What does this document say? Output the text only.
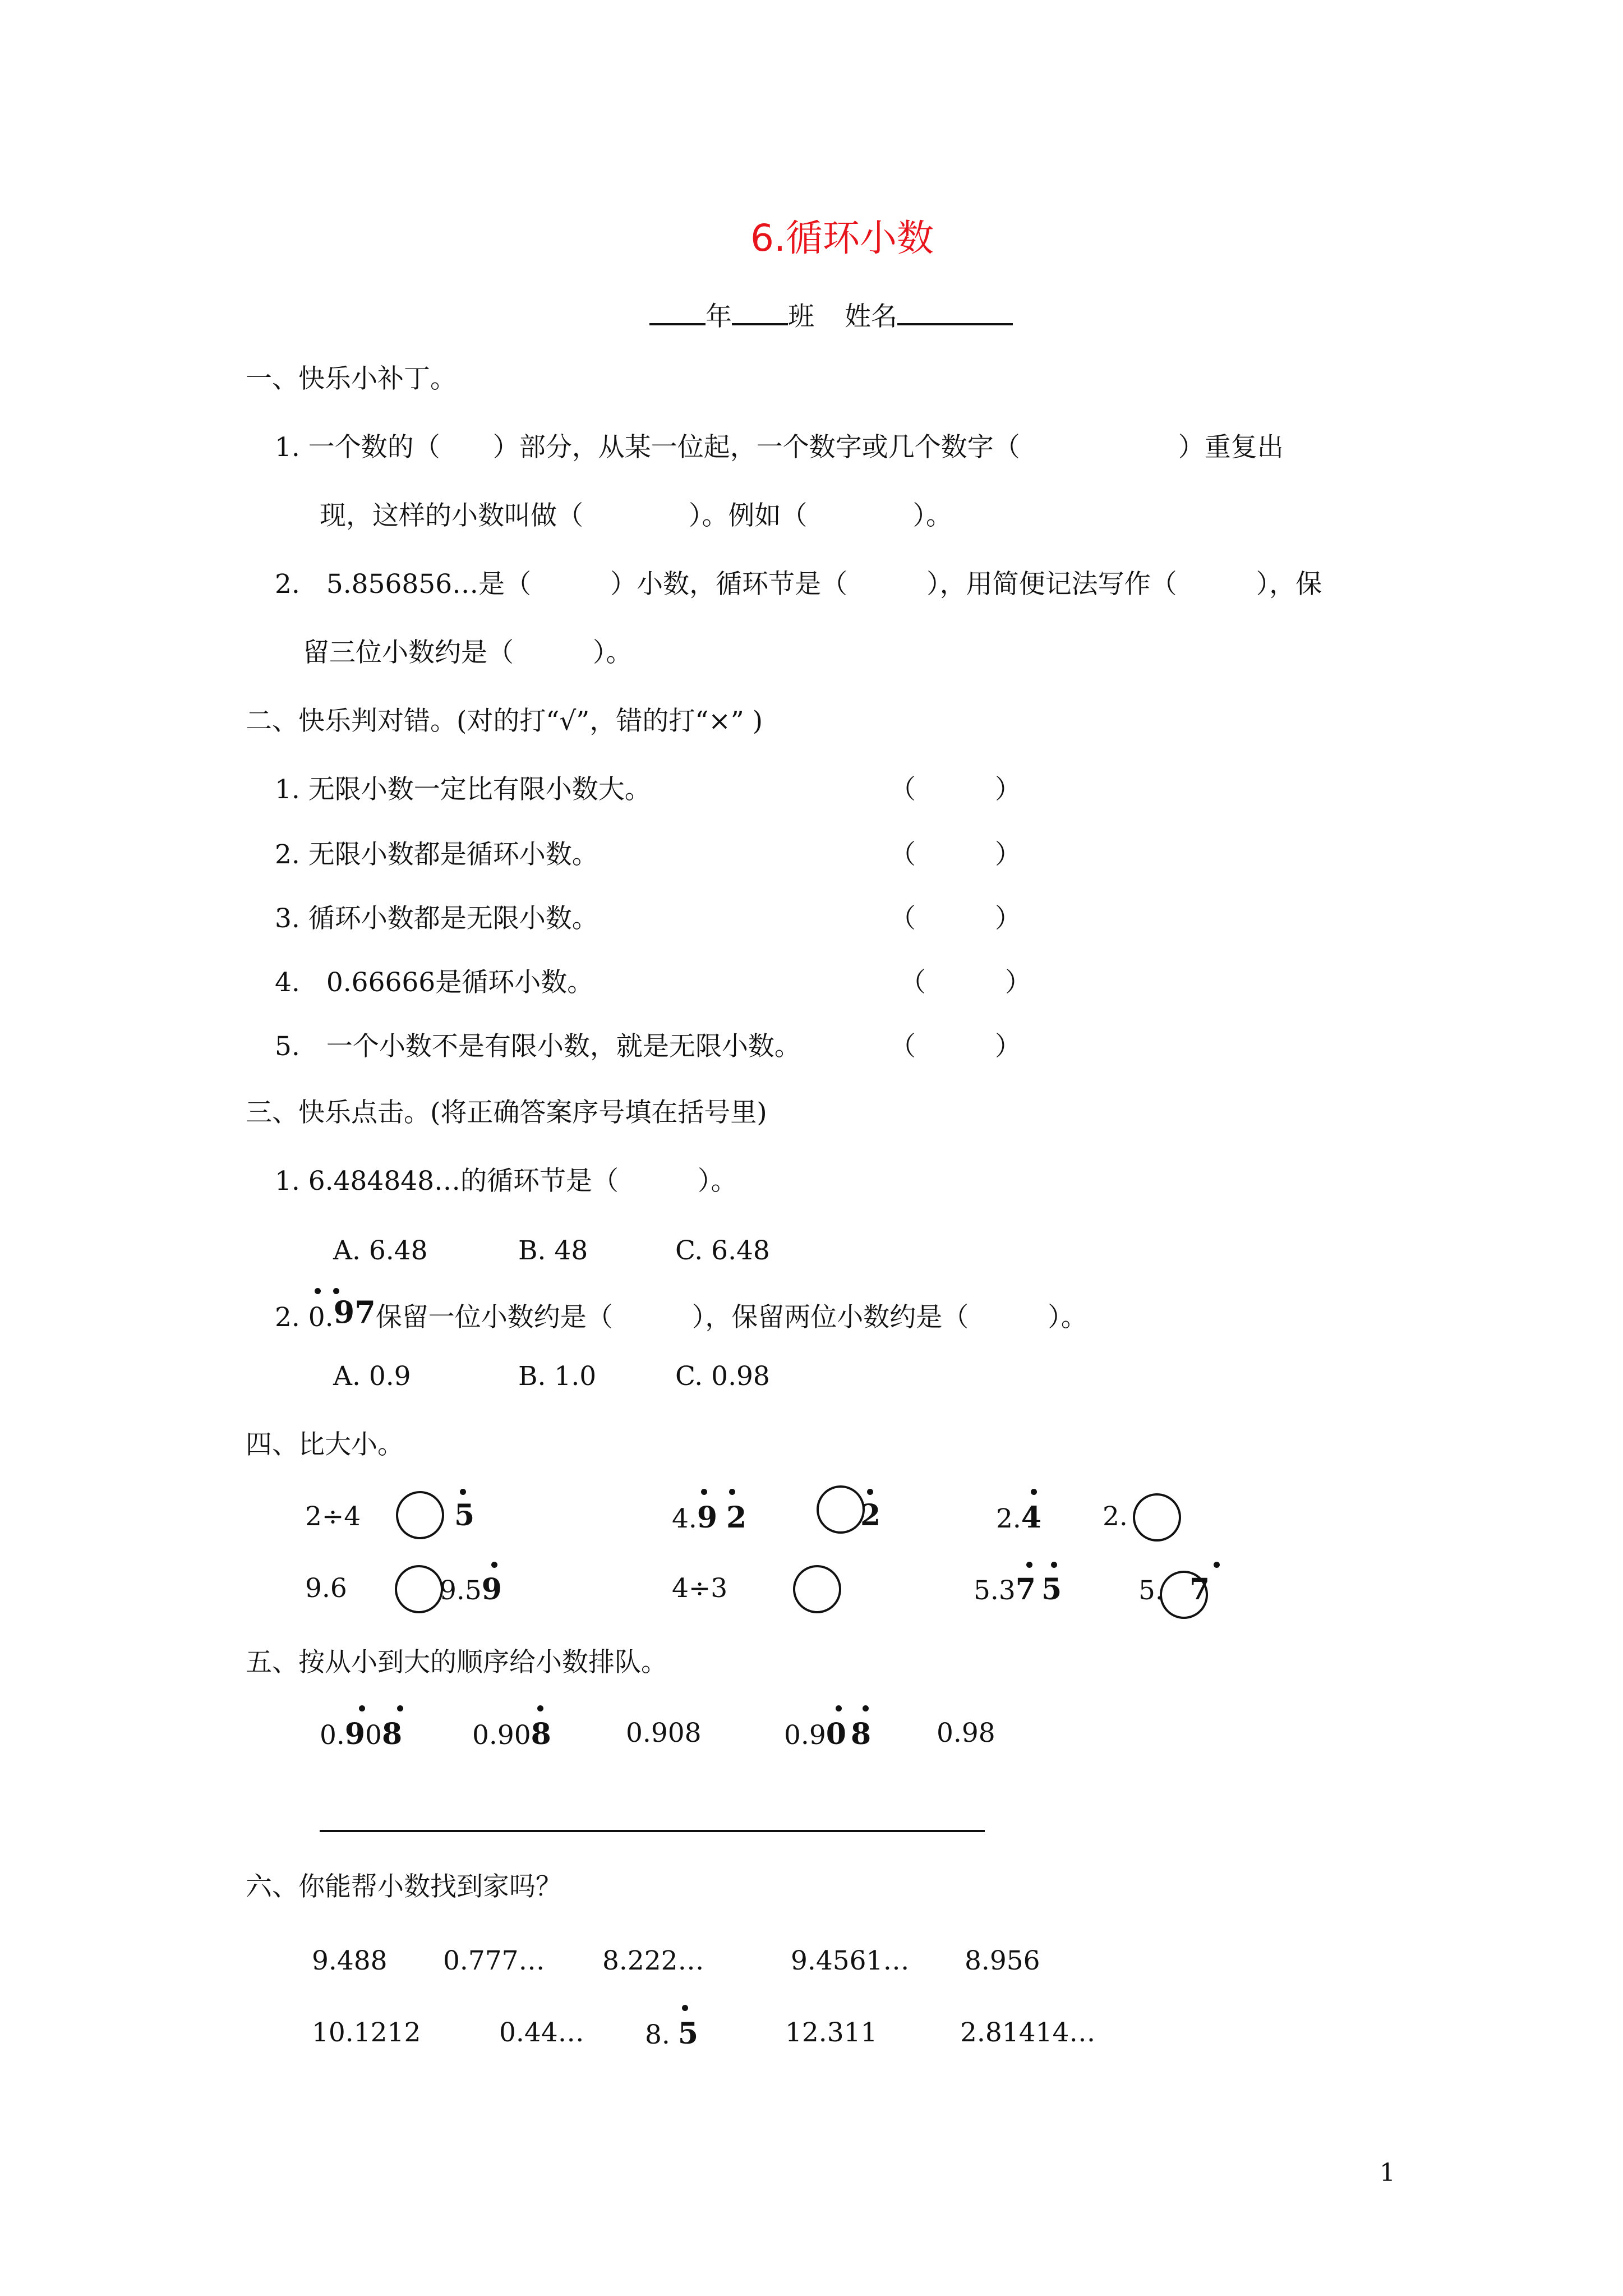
6.循环小数
年 班 姓名
一、快乐小补丁。
1. 一个数的（　　）部分，从某一位起，一个数字或几个数字（　　　　　　）重复出
现，这样的小数叫做（　　　　）。例如（　　　　）。
2.　5.856856…是（　　　）小数，循环节是（　　　），用简便记法写作（　　　），保
留三位小数约是（　　　）。
二、快乐判对错。(对的打“√”，错的打“×” )
1. 无限小数一定比有限小数大。	（　　　）
2. 无限小数都是循环小数。	（　　　）
3. 循环小数都是无限小数。	（　　　）
4.　0.66666是循环小数。	（　　　）
5.　一个小数不是有限小数，就是无限小数。	（　　　）
三、快乐点击。(将正确答案序号填在括号里)
1. 6.484848…的循环节是（　　　）。
A. 6.48	B. 48	C. 6.48
2. 0.97保留一位小数约是（　　　），保留两位小数约是（　　　）。
A. 0.9	B. 1.0	C. 0.98
四、比大小。
2÷4	5	4.9 2	2	2.4 2.
9.6	9.59	4÷3	5.37 5	5. 7
五、按从小到大的顺序给小数排队。
0.908	0.908	0.908	0.90 8 0.98
六、你能帮小数找到家吗？
9.488 0.777… 8.222…	9.4561… 8.956
10.1212	0.44… 8. 5	12.311	2.81414…
1
